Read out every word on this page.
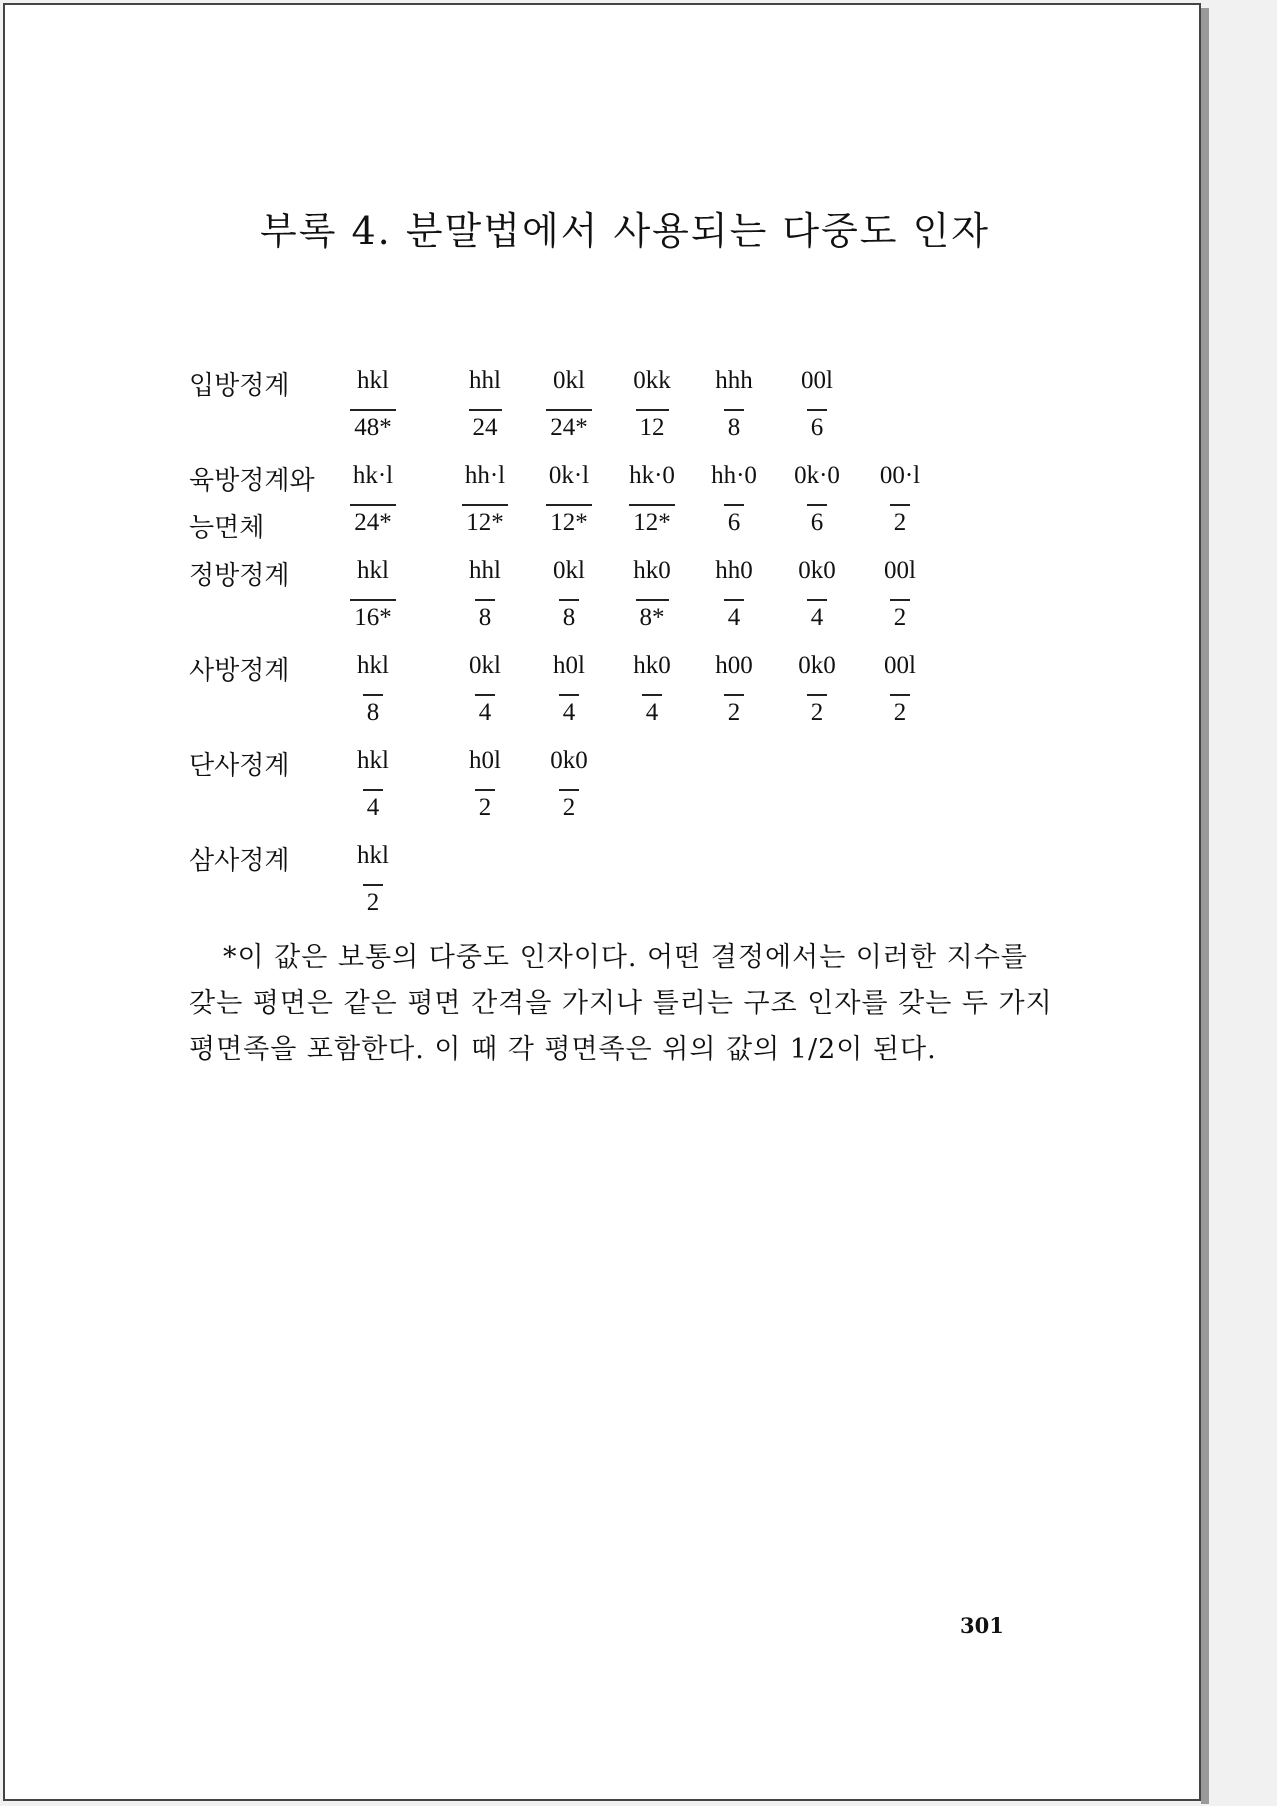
부록 4. 분말법에서 사용되는 다중도 인자
입방정계	hkl	hhl	0kl	0kk	hhh	00l
48*	24	24*	12	8	6
육방정계와
능면체
hk·l	hh·l	0k·l	hk·0	hh·0	0k·0	00·l
24*	12*	12*	12*	6	6	2
정방정계	hkl	hhl	0kl	hk0	hh0	0k0	00l
16*	8	8	8*	4	4	2
사방정계	hkl	0kl	h0l	hk0	h00	0k0	00l
8	4	4	4	2	2	2
단사정계	hkl	h0l	0k0
4	2	2
삼사정계	hkl
2
*이 값은 보통의 다중도 인자이다. 어떤 결정에서는 이러한 지수를
갖는 평면은 같은 평면 간격을 가지나 틀리는 구조 인자를 갖는 두 가지
평면족을 포함한다. 이 때 각 평면족은 위의 값의 1/2이 된다.
301
